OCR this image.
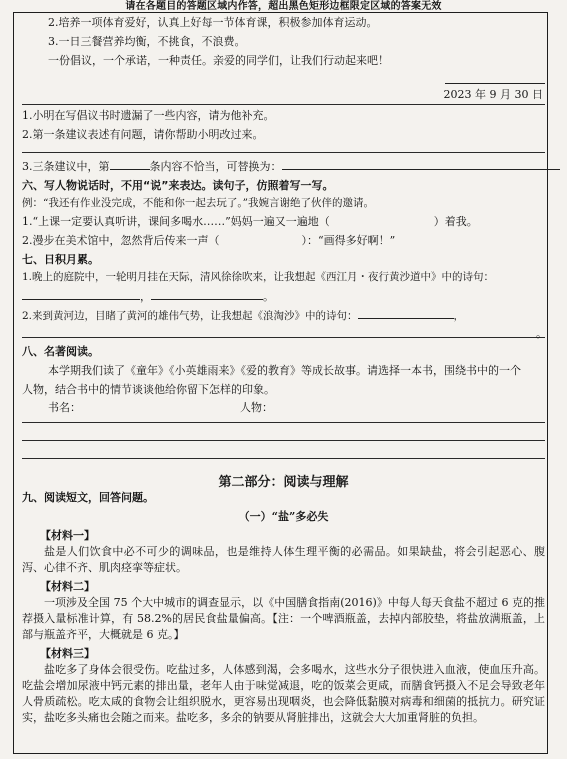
请在各题目的答题区域内作答，超出黑色矩形边框限定区域的答案无效
2.培养一项体育爱好，认真上好每一节体育课，积极参加体育运动。
3.一日三餐营养均衡，不挑食，不浪费。
一份倡议，一个承诺，一种责任。亲爱的同学们，让我们行动起来吧！
2023 年 9 月 30 日
1.小明在写倡议书时遗漏了一些内容，请为他补充。
2.第一条建议表述有问题，请你帮助小明改过来。
3.三条建议中，第	条内容不恰当，可替换为：
六、写人物说话时，不用“说”来表达。读句子，仿照着写一写。
例：“我还有作业没完成，不能和你一起去玩了。”我婉言谢绝了伙伴的邀请。
1.“上课一定要认真听讲，课间多喝水……”妈妈一遍又一遍地（	）着我。
2.漫步在美术馆中，忽然背后传来一声（	）：“画得多好啊！”
七、日积月累。
1.晚上的庭院中，一轮明月挂在天际，清风徐徐吹来，让我想起《西江月・夜行黄沙道中》中的诗句：
，	。
2.来到黄河边，目睹了黄河的雄伟气势，让我想起《浪淘沙》中的诗句：	，
。
八、名著阅读。
本学期我们读了《童年》《小英雄雨来》《爱的教育》等成长故事。请选择一本书，围绕书中的一个
人物，结合书中的情节谈谈他给你留下怎样的印象。
书名：	人物：
第二部分：阅读与理解
九、阅读短文，回答问题。
（一）“盐”多必失
【材料一】
盐是人们饮食中必不可少的调味品，也是维持人体生理平衡的必需品。如果缺盐，将会引起恶心、腹泻、心律不齐、肌肉痉挛等症状。
【材料二】
一项涉及全国 75 个大中城市的调查显示，以《中国膳食指南(2016)》中每人每天食盐不超过 6 克的推荐摄入量标准计算，有 58.2%的居民食盐量偏高。【注：一个啤酒瓶盖，去掉内部胶垫，将盐放满瓶盖，上部与瓶盖齐平，大概就是 6 克。】
【材料三】
盐吃多了身体会很受伤。吃盐过多，人体感到渴，会多喝水，这些水分子很快进入血液，使血压升高。吃盐会增加尿液中钙元素的排出量，老年人由于味觉减退，吃的饭菜会更咸，而膳食钙摄入不足会导致老年人骨质疏松。吃太咸的食物会让组织脱水，更容易出现咽炎，也会降低黏膜对病毒和细菌的抵抗力。研究证实，盐吃多头痛也会随之而来。盐吃多，多余的钠要从肾脏排出，这就会大大加重肾脏的负担。
